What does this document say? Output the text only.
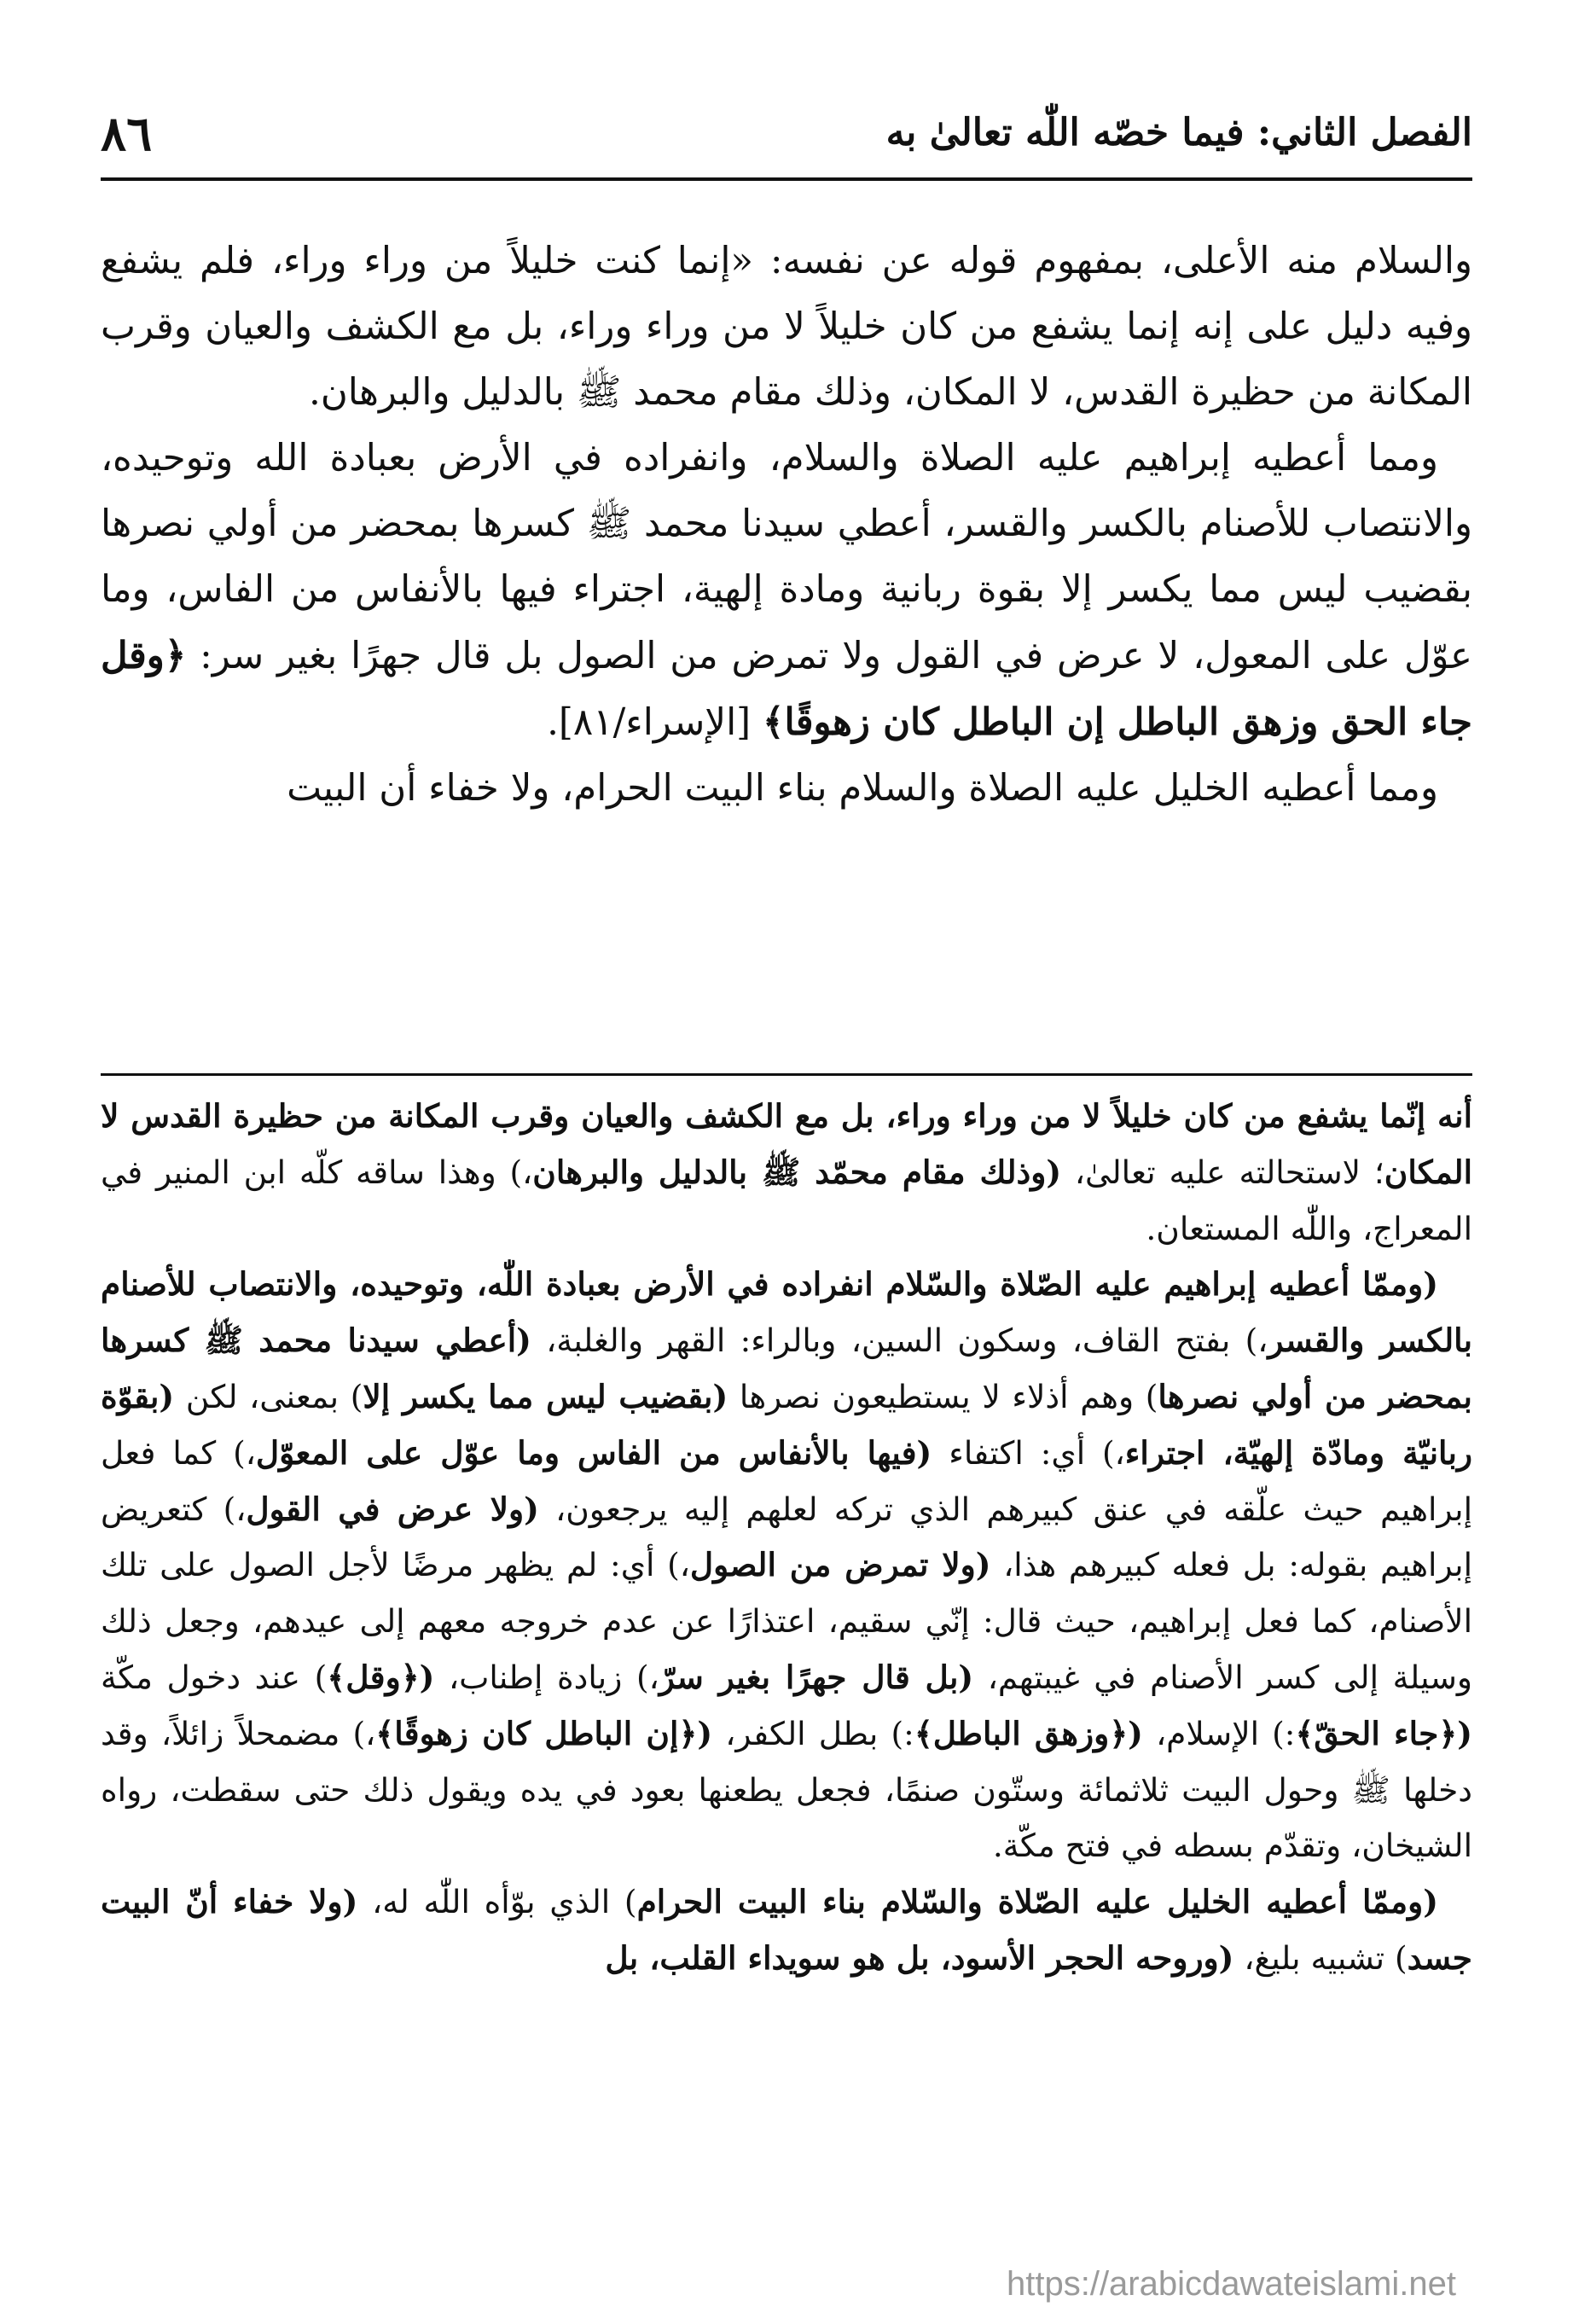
الفصل الثاني: فيما خصّه اللّٰه تعالىٰ به
٨٦

والسلام منه الأعلى، بمفهوم قوله عن نفسه: «إنما كنت خليلاً من وراء وراء، فلم يشفع وفيه دليل على إنه إنما يشفع من كان خليلاً لا من وراء وراء، بل مع الكشف والعيان وقرب المكانة من حظيرة القدس، لا المكان، وذلك مقام محمد ﷺ بالدليل والبرهان.

ومما أعطيه إبراهيم عليه الصلاة والسلام، وانفراده في الأرض بعبادة الله وتوحيده، والانتصاب للأصنام بالكسر والقسر، أعطي سيدنا محمد ﷺ كسرها بمحضر من أولي نصرها بقضيب ليس مما يكسر إلا بقوة ربانية ومادة إلهية، اجتراء فيها بالأنفاس من الفاس، وما عوّل على المعول، لا عرض في القول ولا تمرض من الصول بل قال جهرًا بغير سر: ﴿وقل جاء الحق وزهق الباطل إن الباطل كان زهوقًا﴾ [الإسراء/٨١].

ومما أعطيه الخليل عليه الصلاة والسلام بناء البيت الحرام، ولا خفاء أن البيت

أنه إنّما يشفع من كان خليلاً لا من وراء وراء، بل مع الكشف والعيان وقرب المكانة من حظيرة القدس لا المكان؛ لاستحالته عليه تعالىٰ، (وذلك مقام محمّد ﷺ بالدليل والبرهان،) وهذا ساقه كلّه ابن المنير في المعراج، واللّٰه المستعان.

(وممّا أعطيه إبراهيم عليه الصّلاة والسّلام انفراده في الأرض بعبادة اللّٰه، وتوحيده، والانتصاب للأصنام بالكسر والقسر،) بفتح القاف، وسكون السين، وبالراء: القهر والغلبة، (أعطي سيدنا محمد ﷺ كسرها بمحضر من أولي نصرها) وهم أذلاء لا يستطيعون نصرها (بقضيب ليس مما يكسر إلا) بمعنى، لكن (بقوّة ربانيّة ومادّة إلهيّة، اجتراء،) أي: اكتفاء (فيها بالأنفاس من الفاس وما عوّل على المعوّل،) كما فعل إبراهيم حيث علّقه في عنق كبيرهم الذي تركه لعلهم إليه يرجعون، (ولا عرض في القول،) كتعريض إبراهيم بقوله: بل فعله كبيرهم هذا، (ولا تمرض من الصول،) أي: لم يظهر مرضًا لأجل الصول على تلك الأصنام، كما فعل إبراهيم، حيث قال: إنّي سقيم، اعتذارًا عن عدم خروجه معهم إلى عيدهم، وجعل ذلك وسيلة إلى كسر الأصنام في غيبتهم، (بل قال جهرًا بغير سرّ،) زيادة إطناب، (﴿وقل﴾) عند دخول مكّة (﴿جاء الحقّ﴾:) الإسلام، (﴿وزهق الباطل﴾:) بطل الكفر، (﴿إن الباطل كان زهوقًا﴾،) مضمحلاً زائلاً، وقد دخلها ﷺ وحول البيت ثلاثمائة وستّون صنمًا، فجعل يطعنها بعود في يده ويقول ذلك حتى سقطت، رواه الشيخان، وتقدّم بسطه في فتح مكّة.

(وممّا أعطيه الخليل عليه الصّلاة والسّلام بناء البيت الحرام) الذي بوّأه اللّٰه له، (ولا خفاء أنّ البيت جسد) تشبيه بليغ، (وروحه الحجر الأسود، بل هو سويداء القلب، بل

https://arabicdawateislami.net
